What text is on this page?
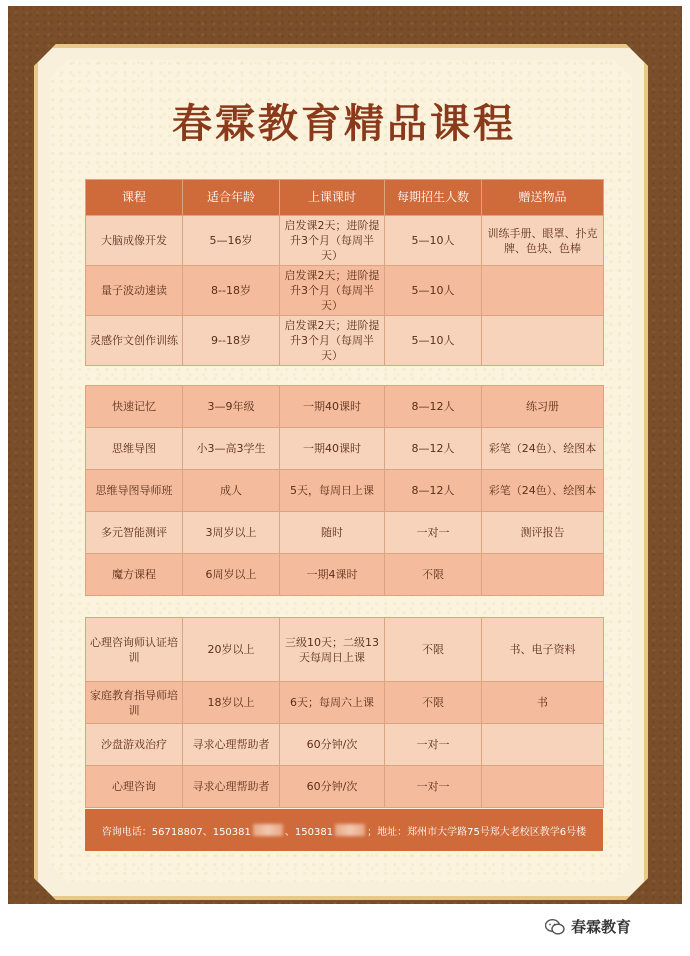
春霖教育精品课程
课程	适合年龄	上课课时	每期招生人数	赠送物品
大脑成像开发	5—16岁	启发课2天；进阶提升3个月（每周半天）	5—10人	训练手册、眼罩、扑克牌、色块、色棒
量子波动速读	8--18岁	启发课2天；进阶提升3个月（每周半天）	5—10人	
灵感作文创作训练	9--18岁	启发课2天；进阶提升3个月（每周半天）	5—10人	
快速记忆	3—9年级	一期40课时	8—12人	练习册
思维导图	小3—高3学生	一期40课时	8—12人	彩笔（24色）、绘图本
思维导图导师班	成人	5天，每周日上课	8—12人	彩笔（24色）、绘图本
多元智能测评	3周岁以上	随时	一对一	测评报告
魔方课程	6周岁以上	一期4课时	不限	
心理咨询师认证培训	20岁以上	三级10天；二级13天每周日上课	不限	书、电子资料
家庭教育指导师培训	18岁以上	6天；每周六上课	不限	书
沙盘游戏治疗	寻求心理帮助者	60分钟/次	一对一	
心理咨询	寻求心理帮助者	60分钟/次	一对一	
咨询电话：56718807、150381	、150381	；地址：郑州市大学路75号郑大老校区教学6号楼
春霖教育
